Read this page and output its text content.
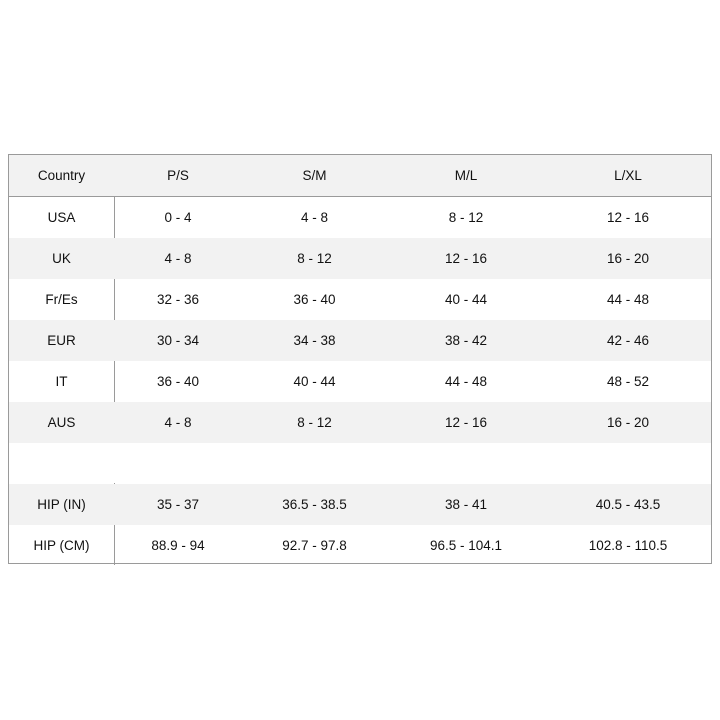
Country	P/S	S/M	M/L	L/XL
USA	0 - 4	4 - 8	8 - 12	12 - 16
UK	4 - 8	8 - 12	12 - 16	16 - 20
Fr/Es	32 - 36	36 - 40	40 - 44	44 - 48
EUR	30 - 34	34 - 38	38 - 42	42 - 46
IT	36 - 40	40 - 44	44 - 48	48 - 52
AUS	4 - 8	8 - 12	12 - 16	16 - 20
HIP (IN)	35 - 37	36.5 - 38.5	38 - 41	40.5 - 43.5
HIP (CM)	88.9 - 94	92.7 - 97.8	96.5 - 104.1	102.8 - 110.5
